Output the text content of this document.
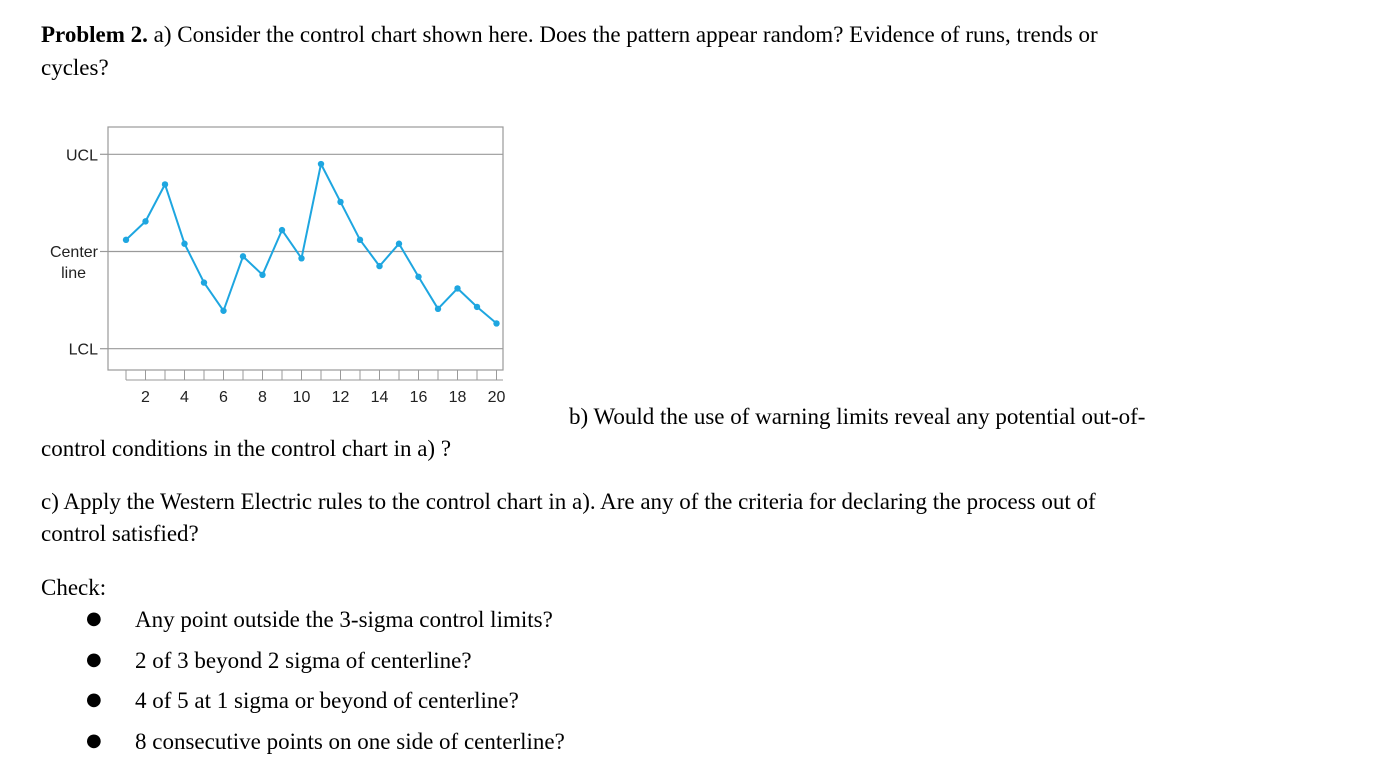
Problem 2. a) Consider the control chart shown here. Does the pattern appear random? Evidence of runs, trends or

cycles?

UCL
Center
line
LCL
2 4 6 8 10 12 14 16 18 20

b) Would the use of warning limits reveal any potential out-of-

control conditions in the control chart in a) ?

c) Apply the Western Electric rules to the control chart in a). Are any of the criteria for declaring the process out of

control satisfied?

Check:

● Any point outside the 3-sigma control limits?
● 2 of 3 beyond 2 sigma of centerline?
● 4 of 5 at 1 sigma or beyond of centerline?
● 8 consecutive points on one side of centerline?
